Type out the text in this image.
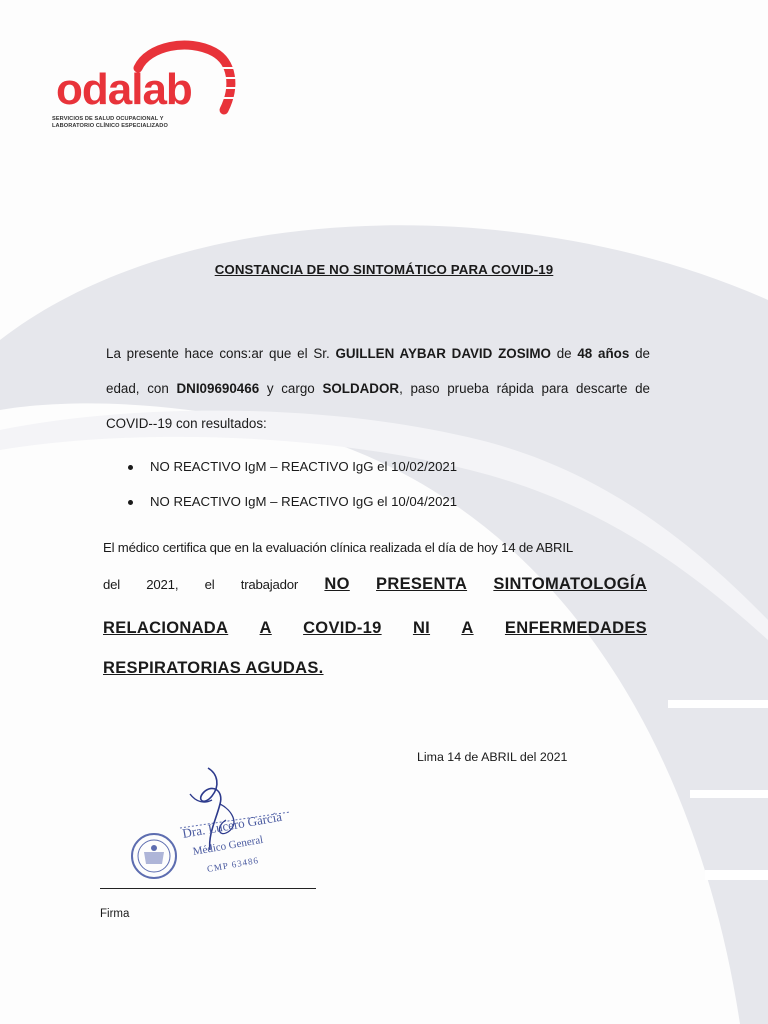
odalab
SERVICIOS DE SALUD OCUPACIONAL Y
LABORATORIO CLÍNICO ESPECIALIZADO
CONSTANCIA DE NO SINTOMÁTICO PARA COVID-19
La presente hace cons:ar que el Sr. GUILLEN AYBAR DAVID ZOSIMO de 48 años de edad, con DNI09690466 y cargo SOLDADOR, paso prueba rápida para descarte de COVID--19 con resultados:
NO REACTIVO IgM – REACTIVO IgG el 10/02/2021
NO REACTIVO IgM – REACTIVO IgG el 10/04/2021
El médico certifica que en la evaluación clínica realizada el día de hoy 14 de ABRIL
del 2021, el trabajador NO PRESENTA SINTOMATOLOGÍA
RELACIONADA A COVID-19 NI A ENFERMEDADES
RESPIRATORIAS AGUDAS.
Lima 14 de ABRIL del 2021
Dra. Lucero García
Médico General
CMP 63486
Firma
